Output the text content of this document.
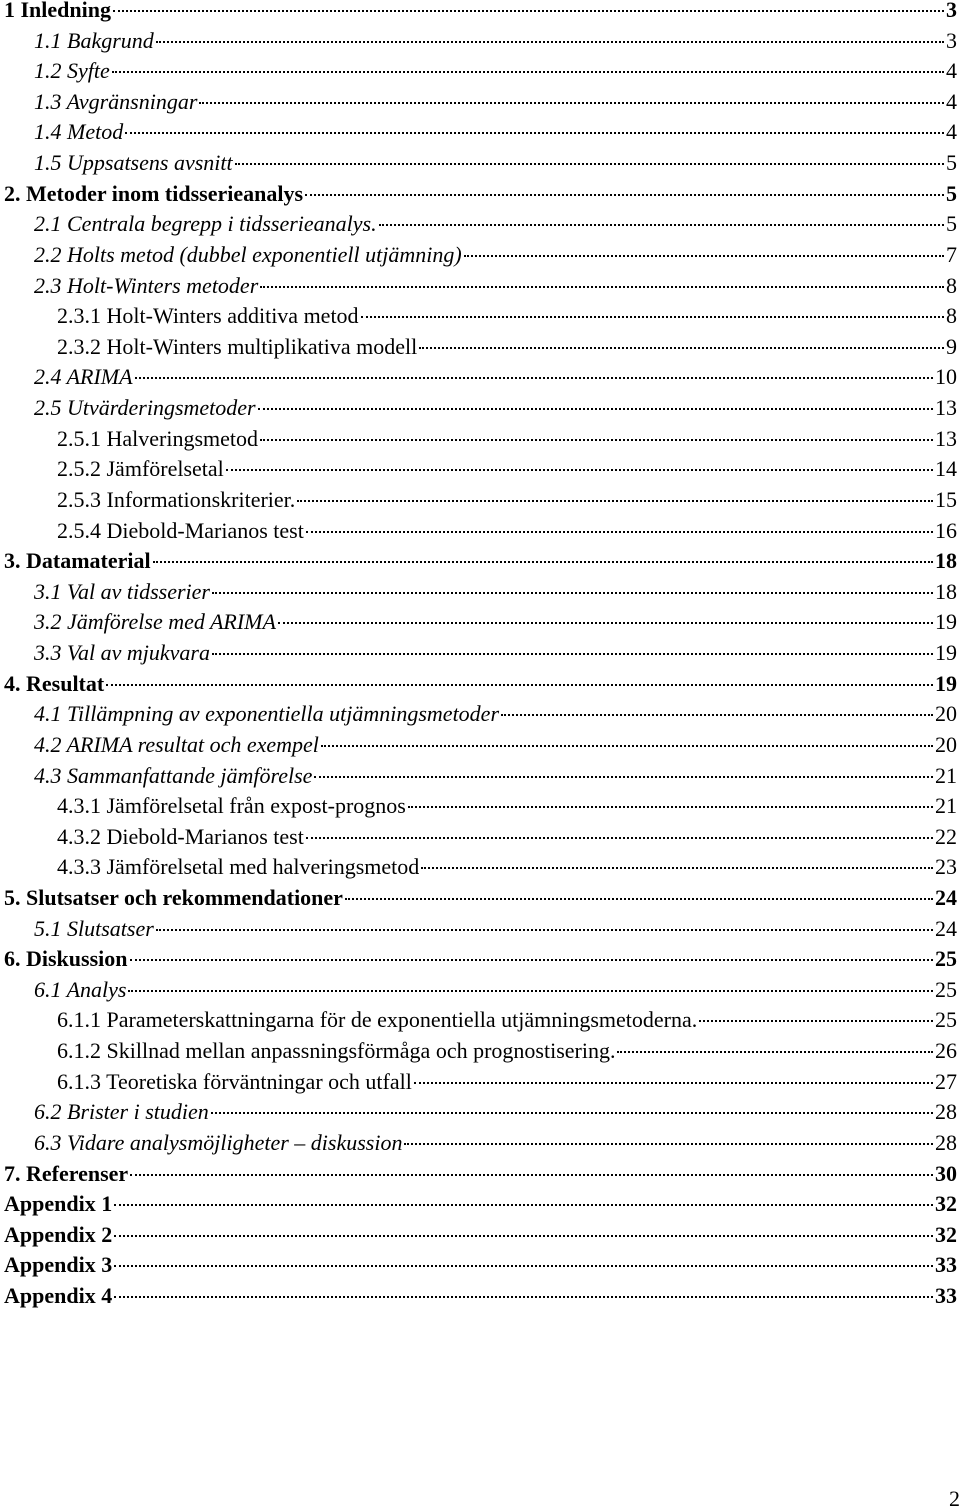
1 Inledning	3
1.1 Bakgrund	3
1.2 Syfte	4
1.3 Avgränsningar	4
1.4 Metod	4
1.5 Uppsatsens avsnitt	5
2. Metoder inom tidsserieanalys	5
2.1 Centrala begrepp i tidsserieanalys.	5
2.2 Holts metod (dubbel exponentiell utjämning)	7
2.3 Holt-Winters metoder	8
2.3.1 Holt-Winters additiva metod	8
2.3.2 Holt-Winters multiplikativa modell	9
2.4 ARIMA	10
2.5 Utvärderingsmetoder	13
2.5.1 Halveringsmetod	13
2.5.2 Jämförelsetal	14
2.5.3 Informationskriterier.	15
2.5.4 Diebold-Marianos test	16
3. Datamaterial	18
3.1 Val av tidsserier	18
3.2 Jämförelse med ARIMA	19
3.3 Val av mjukvara	19
4. Resultat	19
4.1 Tillämpning av exponentiella utjämningsmetoder	20
4.2 ARIMA resultat och exempel	20
4.3 Sammanfattande jämförelse	21
4.3.1 Jämförelsetal från expost-prognos	21
4.3.2 Diebold-Marianos test	22
4.3.3 Jämförelsetal med halveringsmetod	23
5. Slutsatser och rekommendationer	24
5.1 Slutsatser	24
6. Diskussion	25
6.1 Analys	25
6.1.1 Parameterskattningarna för de exponentiella utjämningsmetoderna.	25
6.1.2 Skillnad mellan anpassningsförmåga och prognostisering.	26
6.1.3 Teoretiska förväntningar och utfall	27
6.2 Brister i studien	28
6.3 Vidare analysmöjligheter – diskussion	28
7. Referenser	30
Appendix 1	32
Appendix 2	32
Appendix 3	33
Appendix 4	33
2
